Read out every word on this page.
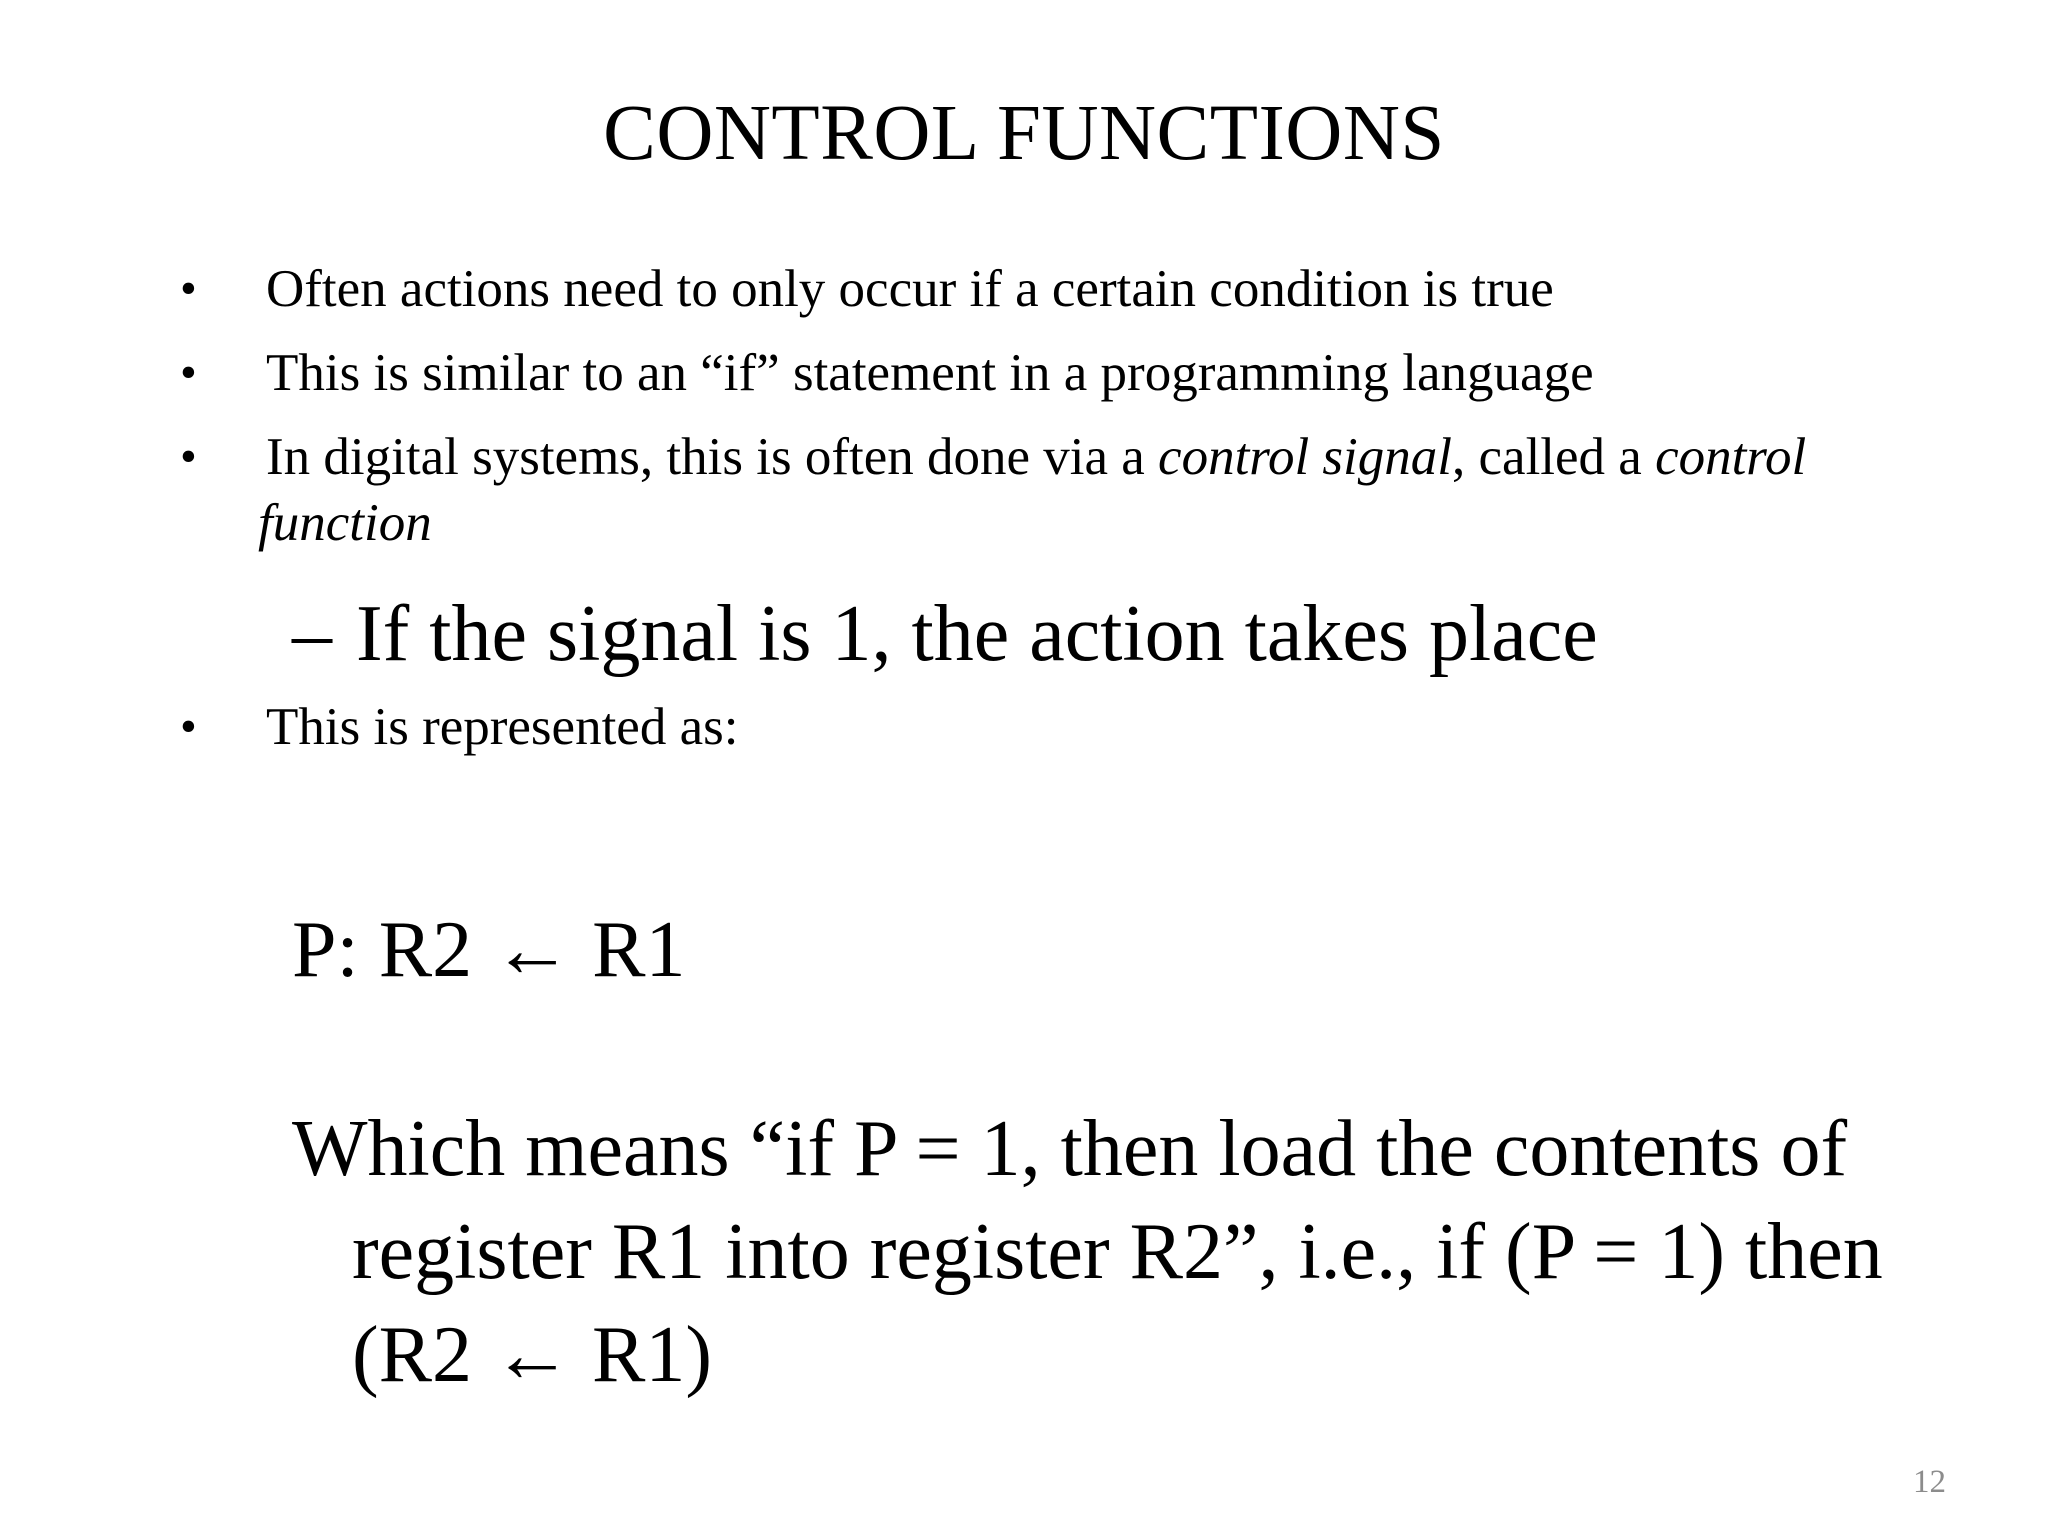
CONTROL FUNCTIONS
• Often actions need to only occur if a certain condition is true
• This is similar to an “if” statement in a programming language
• In digital systems, this is often done via a control signal, called a control
function
– If the signal is 1, the action takes place
• This is represented as:
P: R2 ← R1
Which means “if P = 1, then load the contents of
register R1 into register R2”, i.e., if (P = 1) then
(R2 ← R1)
12
